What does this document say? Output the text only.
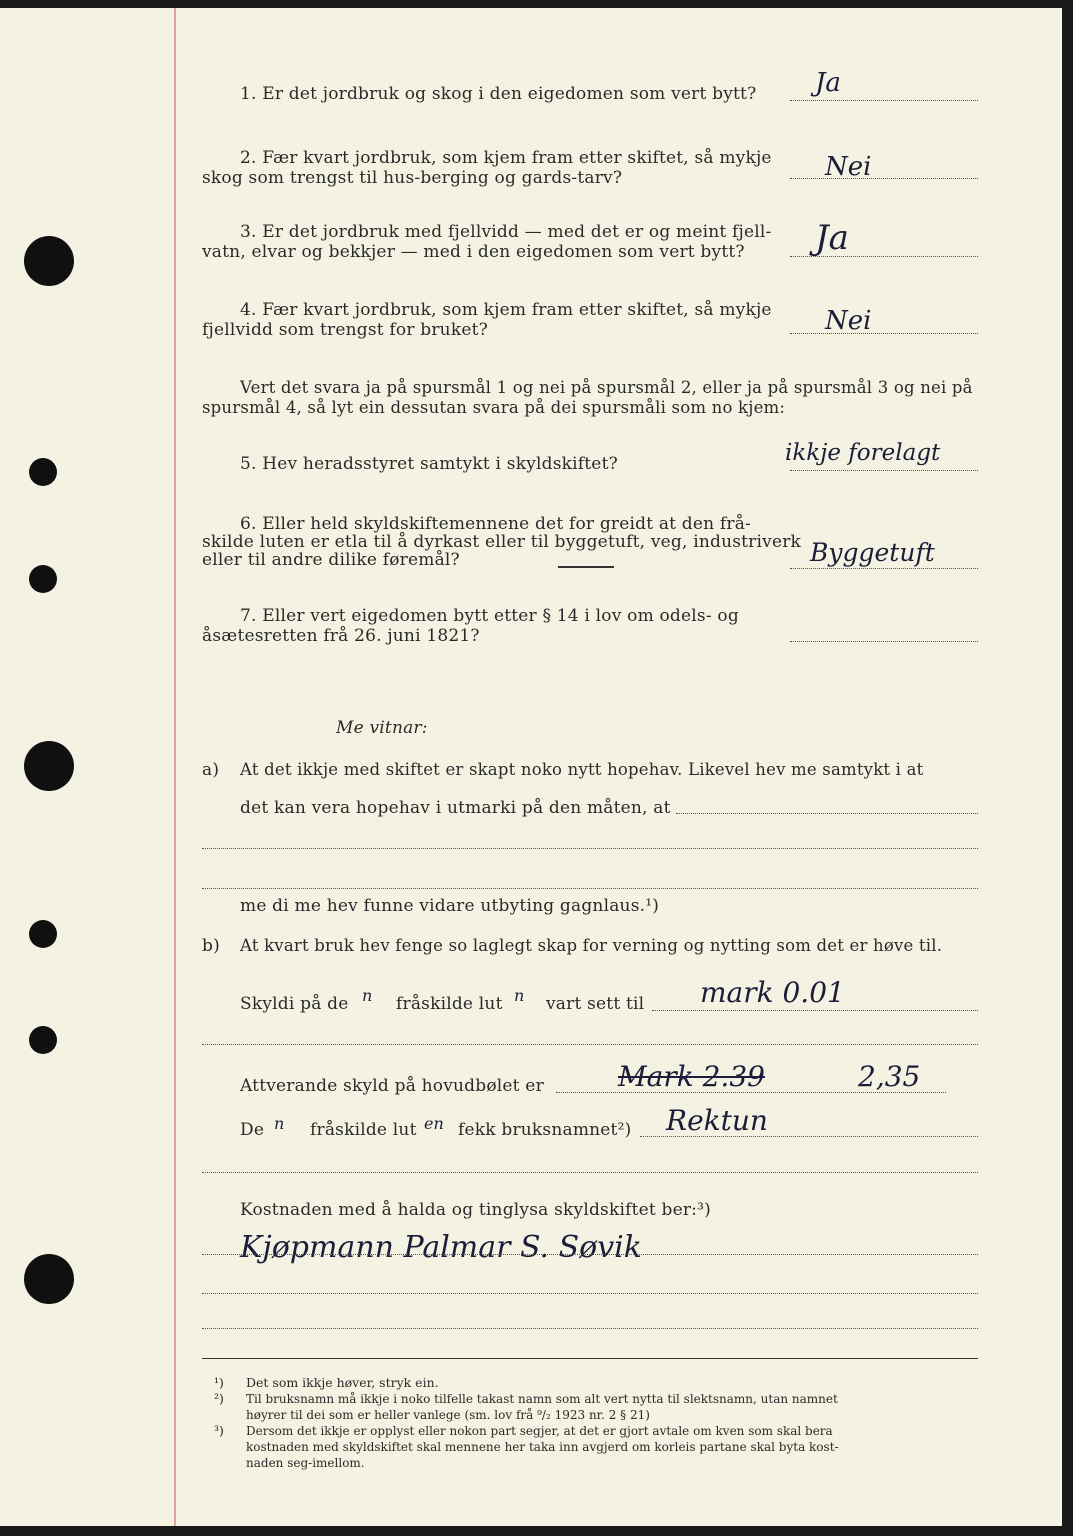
1. Er det jordbruk og skog i den eigedomen som vert bytt? Ja
2. Fær kvart jordbruk, som kjem fram etter skiftet, så mykje
skog som trengst til hus-berging og gards-tarv?	Nei
3. Er det jordbruk med fjellvidd — med det er og meint fjell-
vatn, elvar og bekkjer — med i den eigedomen som vert bytt? Ja
4. Fær kvart jordbruk, som kjem fram etter skiftet, så mykje
fjellvidd som trengst for bruket?	Nei
Vert det svara ja på spursmål 1 og nei på spursmål 2, eller ja på spursmål 3 og nei på
spursmål 4, så lyt ein dessutan svara på dei spursmåli som no kjem:
5. Hev heradsstyret samtykt i skyldskiftet?	ikkje forelagt
6. Eller held skyldskiftemennene det for greidt at den frå-
skilde luten er etla til å dyrkast eller til byggetuft, veg, industriverk
eller til andre dilike føremål?	Byggetuft
7. Eller vert eigedomen bytt etter § 14 i lov om odels- og
åsætesretten frå 26. juni 1821?
Me vitnar:
a) At det ikkje med skiftet er skapt noko nytt hopehav. Likevel hev me samtykt i at
det kan vera hopehav i utmarki på den måten, at
me di me hev funne vidare utbyting gagnlaus.¹)
b) At kvart bruk hev fenge so laglegt skap for verning og nytting som det er høve til.
Skyldi på de n fråskilde lut n vart sett til mark 0.01
Attverande skyld på hovudbølet er	Mark 2.39	2,35
De n fråskilde lut en fekk bruksnamnet²) Rektun
Kostnaden med å halda og tinglysa skyldskiftet ber:³)
Kjøpmann Palmar S. Søvik
¹) Det som ikkje høver, stryk ein.
²) Til bruksnamn må ikkje i noko tilfelle takast namn som alt vert nytta til slektsnamn, utan namnet
høyrer til dei som er heller vanlege (sm. lov frå ⁹/₂ 1923 nr. 2 § 21)
³) Dersom det ikkje er opplyst eller nokon part segjer, at det er gjort avtale om kven som skal bera
kostnaden med skyldskiftet skal mennene her taka inn avgjerd om korleis partane skal byta kost-
naden seg-imellom.
